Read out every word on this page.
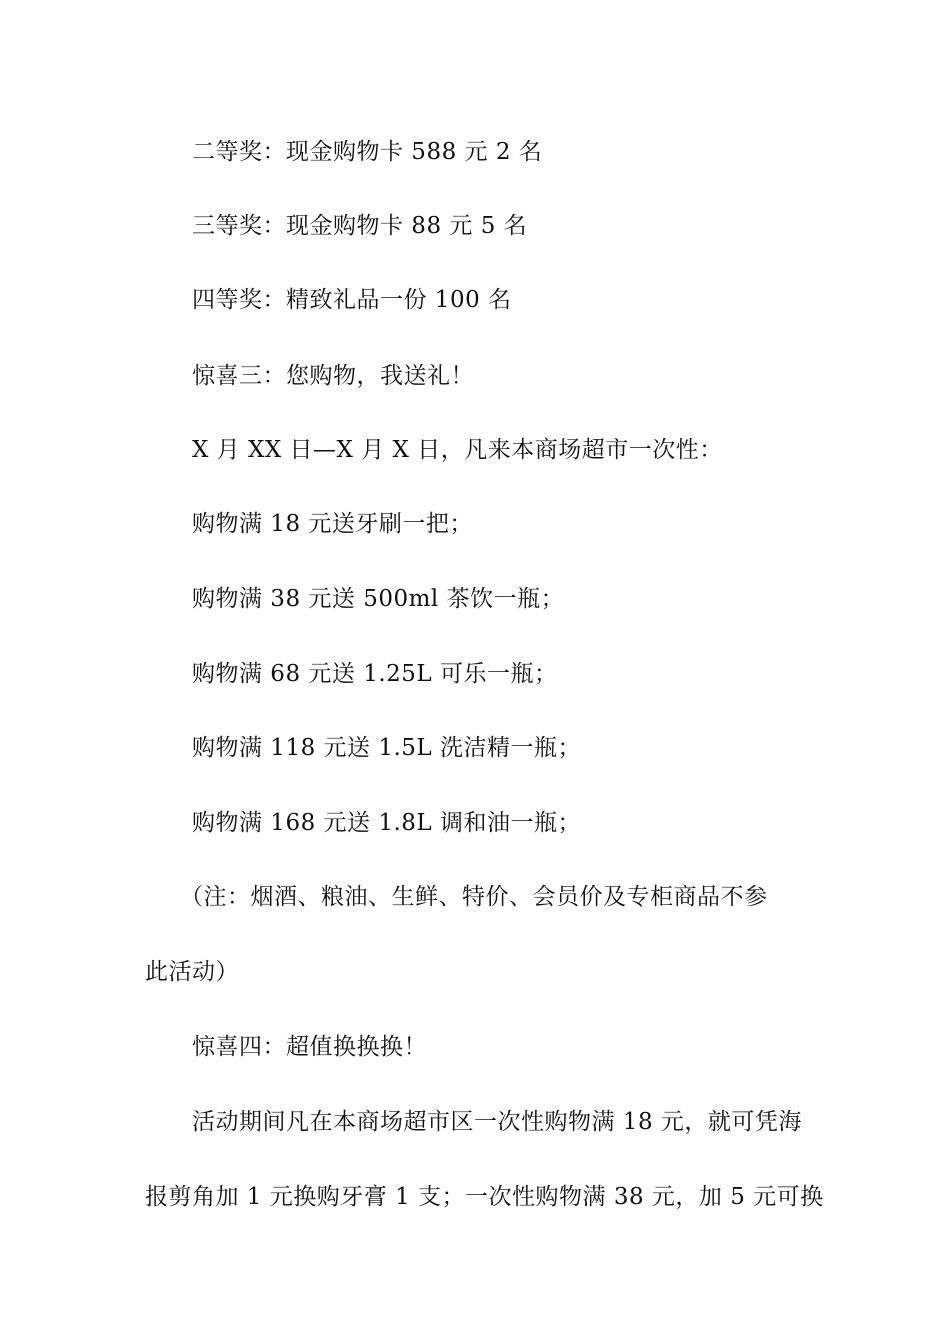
二等奖：现金购物卡 588 元 2 名
三等奖：现金购物卡 88 元 5 名
四等奖：精致礼品一份 100 名
惊喜三：您购物，我送礼！
X 月 XX 日—X 月 X 日，凡来本商场超市一次性：
购物满 18 元送牙刷一把；
购物满 38 元送 500ml 茶饮一瓶；
购物满 68 元送 1.25L 可乐一瓶；
购物满 118 元送 1.5L 洗洁精一瓶；
购物满 168 元送 1.8L 调和油一瓶；
（注：烟酒、粮油、生鲜、特价、会员价及专柜商品不参
此活动）
惊喜四：超值换换换！
活动期间凡在本商场超市区一次性购物满 18 元，就可凭海
报剪角加 1 元换购牙膏 1 支；一次性购物满 38 元，加 5 元可换
